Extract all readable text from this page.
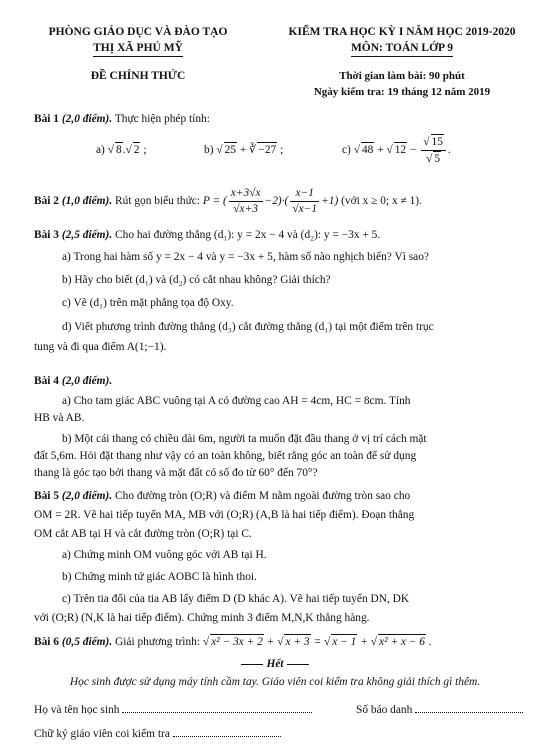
PHÒNG GIÁO DỤC VÀ ĐÀO TẠO
THỊ XÃ PHÚ MỸ
ĐỀ CHÍNH THỨC
KIỂM TRA HỌC KỲ I NĂM HỌC 2019-2020
MÔN: TOÁN LỚP 9
Thời gian làm bài: 90 phút
Ngày kiểm tra: 19 tháng 12 năm 2019
Bài 1 (2,0 điểm). Thực hiện phép tính:
a) √ 8.√ 2 ;	b) √ 25 + ∛ −27 ;	c) √ 48 + √ $12 - \frac{√ 15}{√ 5}$ .
Bài 2 (1,0 điểm). Rút gọn biểu thức: P = ( $\frac{x+3√x}{√x+3} -2)\cdot( \frac{x-1}{√x-1} +1)$ (với x ≥ 0; x ≠ 1).
Bài 3 (2,5 điểm). Cho hai đường thẳng (d₁): y = 2x − 4 và (d₂): y = −3x + 5.
a) Trong hai hàm số y = 2x − 4 và y = −3x + 5, hàm số nào nghịch biến? Vì sao?
b) Hãy cho biết (d₁) và (d₂) có cắt nhau không? Giải thích?
c) Vẽ (d₁) trên mặt phẳng tọa độ Oxy.
d) Viết phương trình đường thẳng (d₃) cắt đường thẳng (d₁) tại một điểm trên trục
tung và đi qua điểm A(1;−1).
Bài 4 (2,0 điểm).
a) Cho tam giác ABC vuông tại A có đường cao AH = 4cm, HC = 8cm. Tính
HB và AB.
b) Một cái thang có chiều dài 6m, người ta muốn đặt đầu thang ở vị trí cách mặt
đất 5,6m. Hỏi đặt thang như vậy có an toàn không, biết rằng góc an toàn để sử dụng
thang là góc tạo bởi thang và mặt đất có số đo từ 60° đến 70°?
Bài 5 (2,0 điểm). Cho đường tròn (O;R) và điểm M nằm ngoài đường tròn sao cho
OM = 2R. Vẽ hai tiếp tuyến MA, MB với (O;R) (A,B là hai tiếp điểm). Đoạn thẳng
OM cắt AB tại H và cắt đường tròn (O;R) tại C.
a) Chứng minh OM vuông góc với AB tại H.
b) Chứng minh tứ giác AOBC là hình thoi.
c) Trên tia đối của tia AB lấy điểm D (D khác A). Vẽ hai tiếp tuyến DN, DK
với (O;R) (N,K là hai tiếp điểm). Chứng minh 3 điểm M,N,K thẳng hàng.
Bài 6 (0,5 điểm). Giải phương trình: √ x² − 3x + 2 + √ x + 3 = √ x − 1 + √ x² + x − 6 .
Hết
Học sinh được sử dụng máy tính cầm tay. Giáo viên coi kiểm tra không giải thích gì thêm.
Họ và tên học sinh	Số báo danh
Chữ ký giáo viên coi kiểm tra
